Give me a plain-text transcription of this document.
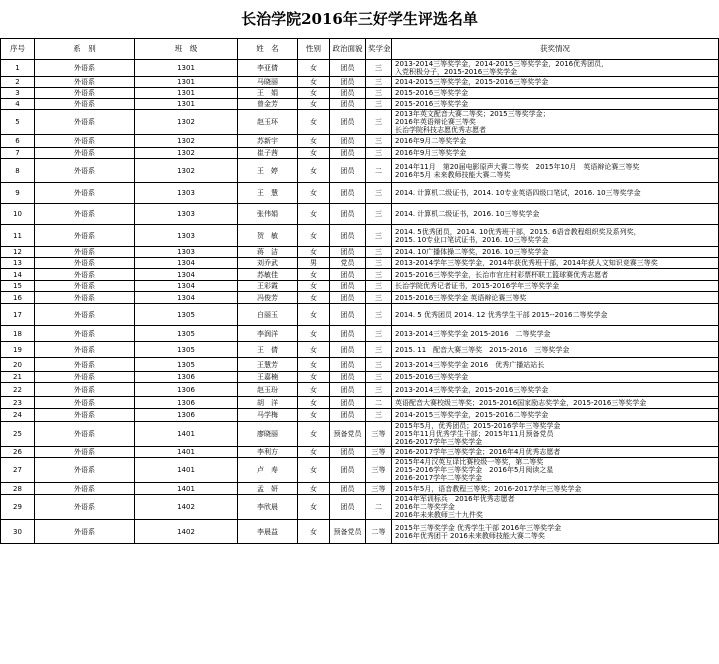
长治学院2016年三好学生评选名单
序号	系　别	班　级	姓　名	性别	政治面貌	奖学金	获奖情况
1	外语系	1301	李亚倩	女	团员	三	2013-2014三等奖学金，2014-2015三等奖学金，2016优秀团员，
入党积极分子，2015-2016三等奖学金

2	外语系	1301	马晓丽	女	团员	三	2014-2015三等奖学金，2015-2016三等奖学金

3	外语系	1301	王　娟	女	团员	三	2015-2016三等奖学金

4	外语系	1301	曾金芳	女	团员	三	2015-2016三等奖学金

5	外语系	1302	赵玉环	女	团员	三	2013年英文配音大赛二等奖；2015三等奖学金；
2016年英语辩论赛三等奖
长治学院科技志愿优秀志愿者

6	外语系	1302	苏新宇	女	团员	三	2016年9月二等奖学金

7	外语系	1302	崔子茜	女	团员	三	2016年9月三等奖学金

8	外语系	1302	王　婷	女	团员	二	2014年11月　第20届电影原声大赛二等奖　2015年10月　英语辩论赛三等奖
2016年5月 未来教师技能大赛二等奖

9	外语系	1303	王　慧	女	团员	三	2014. 计算机二级证书，2014. 10专业英语四级口笔试，2016. 10三等奖学金

10	外语系	1303	张伟娟	女	团员	三	2014. 计算机二级证书，2016. 10三等奖学金

11	外语系	1303	贺　敏	女	团员	三	2014. 5优秀团员，2014. 10优秀班干部，2015. 6语音教程组织奖及系列奖，
2015. 10专业口笔试证书，2016. 10三等奖学金

12	外语系	1303	蒋　洁	女	团员	三	2014. 10广播体操二等奖，2016. 10三等奖学金

13	外语系	1304	刘乔武	男	党员	三	2013-2014学年三等奖学金，2014年获优秀班干部，2014年获人文知识竞赛三等奖

14	外语系	1304	苏敏佳	女	团员	三	2015-2016三等奖学金，长治市官庄村彩票杯联工篮球赛优秀志愿者

15	外语系	1304	王彩霞	女	团员	三	长治学院优秀记者证书，2015-2016学年三等奖学金

16	外语系	1304	冯俊芳	女	团员	三	2015-2016三等奖学金 英语辩论赛三等奖

17	外语系	1305	白丽玉	女	团员	三	2014. 5 优秀团员 2014. 12 优秀学生干部 2015--2016二等奖学金

18	外语系	1305	李润洋	女	团员	三	2013-2014三等奖学金 2015-2016　二等奖学金

19	外语系	1305	王　倩	女	团员	三	2015. 11　配音大赛三等奖　2015-2016　三等奖学金

20	外语系	1305	王慧芳	女	团员	三	2013-2014三等奖学金 2016　优秀广播站站长

21	外语系	1306	王嘉楠	女	团员	三	2015-2016三等奖学金

22	外语系	1306	赵玉玢	女	团员	三	2013-2014三等奖学金，2015-2016三等奖学金

23	外语系	1306	胡　洋	女	团员	二	英语配音大赛校级三等奖；2015-2016国家励志奖学金，2015-2016三等奖学金

24	外语系	1306	马学梅	女	团员	三	2014-2015三等奖学金，2015-2016二等奖学金

25	外语系	1401	廖晓丽	女	预备党员	三等	2015年5月，优秀团员；2015-2016学年三等奖学金
2015年11月优秀学生干部；2015年11月预备党员
2016-2017学年三等奖学金

26	外语系	1401	李利方	女	团员	三等	2016-2017学年三等奖学金；2016年4月优秀志愿者

27	外语系	1401	卢　寿	女	团员	三等	2015年4月汉英互译比赛校级一等奖，第二等奖
2015-2016学年三等奖学金　2016年5月阅读之星
2016-2017学年二等奖学金

28	外语系	1401	孟　妍	女	团员	三等	2015年5月，语音教程三等奖；2016-2017学年三等奖学金

29	外语系	1402	李欣晨	女	团员	二	2014年军训标兵　2016年优秀志愿者
2016年二等奖学金
2016年未来教师三十九件奖

30	外语系	1402	李晨益	女	预备党员	二等	2015年三等奖学金 优秀学生干部 2016年三等奖学金
2016年优秀团干 2016未来教师技能大赛二等奖
